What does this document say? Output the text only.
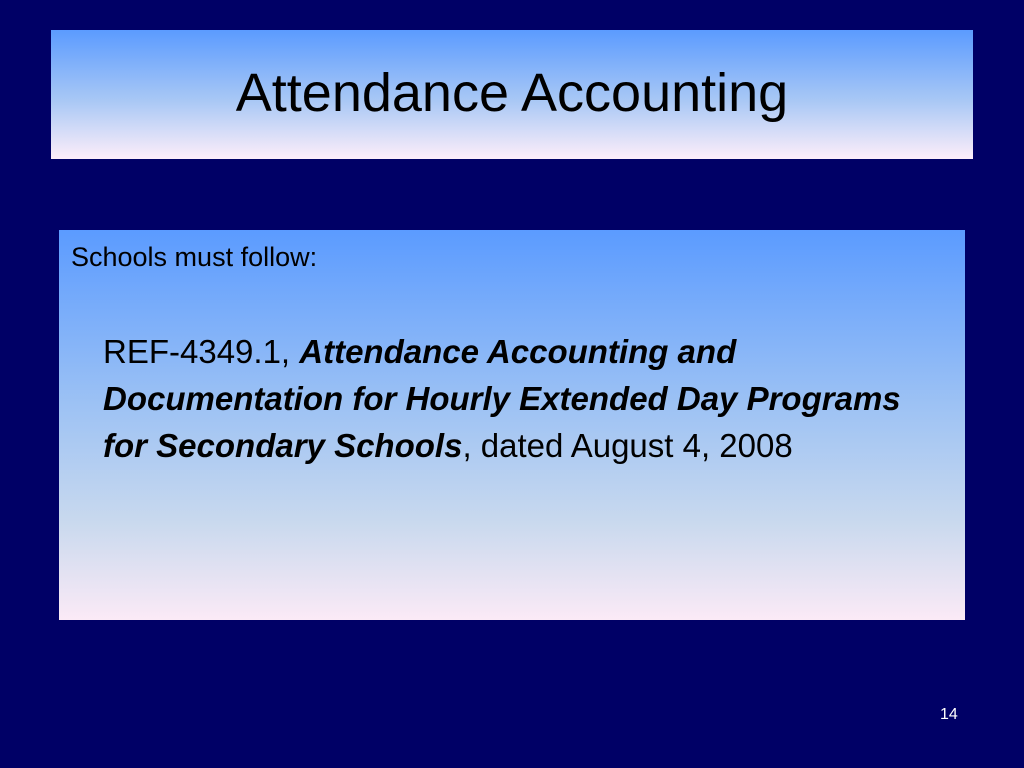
Attendance Accounting
Schools must follow:
REF-4349.1, Attendance Accounting and Documentation for Hourly Extended Day Programs for Secondary Schools, dated August 4, 2008
14
